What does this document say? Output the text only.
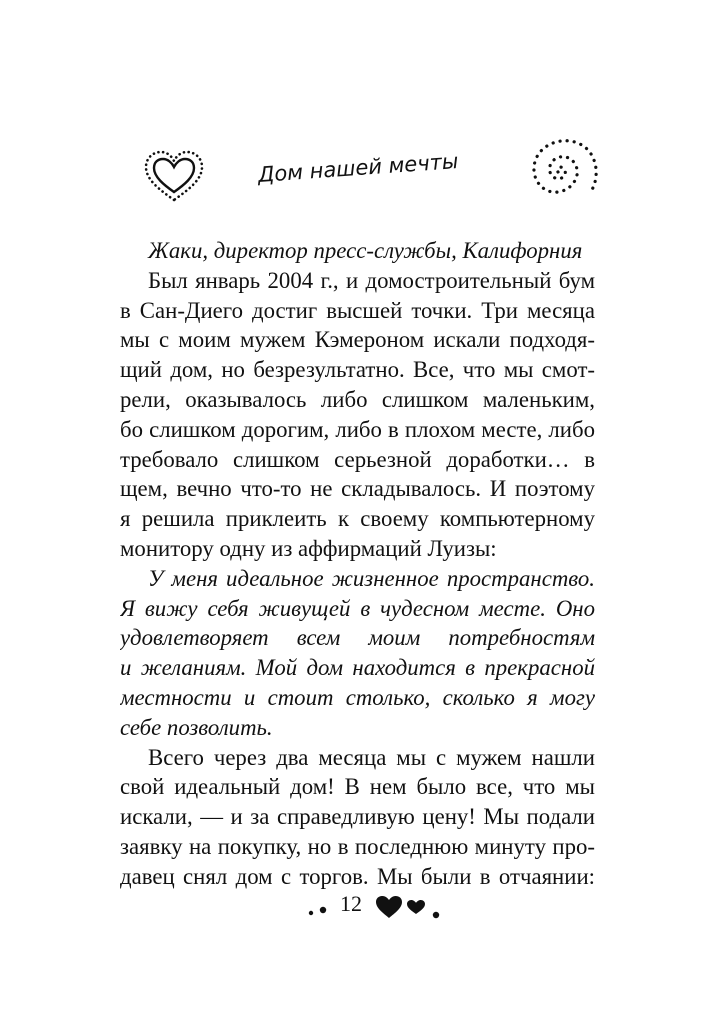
Дом нашей мечты
Жаки, директор пресс-службы, Калифорния
Был январь 2004 г., и домостроительный бум
в Сан-Диего достиг высшей точки. Три месяца
мы с моим мужем Кэмероном искали подходя-
щий дом, но безрезультатно. Все, что мы смот-
рели, оказывалось либо слишком маленьким,
бо слишком дорогим, либо в плохом месте, либо
требовало слишком серьезной доработки… в
щем, вечно что-то не складывалось. И поэтому
я решила приклеить к своему компьютерному
монитору одну из аффирмаций Луизы:
У меня идеальное жизненное пространство.
Я вижу себя живущей в чудесном месте. Оно
удовлетворяет всем моим потребностям
и желаниям. Мой дом находится в прекрасной
местности и стоит столько, сколько я могу
себе позволить.
Всего через два месяца мы с мужем нашли
свой идеальный дом! В нем было все, что мы
искали, — и за справедливую цену! Мы подали
заявку на покупку, но в последнюю минуту про-
давец снял дом с торгов. Мы были в отчаянии:
12
